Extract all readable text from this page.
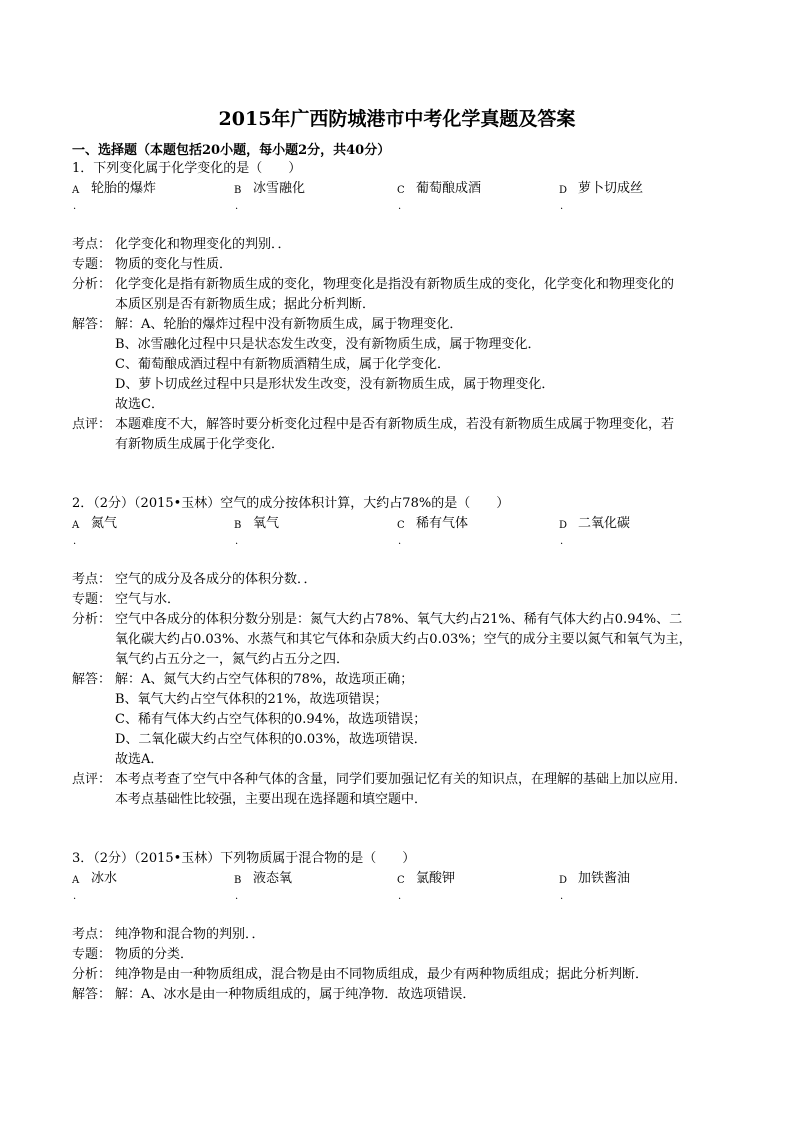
2015年广西防城港市中考化学真题及答案
一、选择题（本题包括20小题，每小题2分，共40分）
1．下列变化属于化学变化的是（　　）
A
.
轮胎的爆炸	B
.
冰雪融化	C
.
葡萄酿成酒	D
.
萝卜切成丝
考点： 化学变化和物理变化的判别．．
专题： 物质的变化与性质．
分析： 化学变化是指有新物质生成的变化，物理变化是指没有新物质生成的变化，化学变化和物理变化的
本质区别是否有新物质生成；据此分析判断．
解答： 解：A、轮胎的爆炸过程中没有新物质生成，属于物理变化．
B、冰雪融化过程中只是状态发生改变，没有新物质生成，属于物理变化．
C、葡萄酿成酒过程中有新物质酒精生成，属于化学变化．
D、萝卜切成丝过程中只是形状发生改变，没有新物质生成，属于物理变化．
故选C．
点评： 本题难度不大，解答时要分析变化过程中是否有新物质生成，若没有新物质生成属于物理变化，若
有新物质生成属于化学变化．
2．（2分）（2015•玉林）空气的成分按体积计算，大约占78%的是（　　）
A
.
氮气	B
.
氧气	C
.
稀有气体	D
.
二氧化碳
考点： 空气的成分及各成分的体积分数．．
专题： 空气与水．
分析： 空气中各成分的体积分数分别是：氮气大约占78%、氧气大约占21%、稀有气体大约占0.94%、二
氧化碳大约占0.03%、水蒸气和其它气体和杂质大约占0.03%；空气的成分主要以氮气和氧气为主，
氧气约占五分之一，氮气约占五分之四．
解答： 解：A、氮气大约占空气体积的78%，故选项正确；
B、氧气大约占空气体积的21%，故选项错误；
C、稀有气体大约占空气体积的0.94%，故选项错误；
D、二氧化碳大约占空气体积的0.03%，故选项错误．
故选A．
点评： 本考点考查了空气中各种气体的含量，同学们要加强记忆有关的知识点，在理解的基础上加以应用．
本考点基础性比较强，主要出现在选择题和填空题中．
3．（2分）（2015•玉林）下列物质属于混合物的是（　　）
A
.
冰水	B
.
液态氧	C
.
氯酸钾	D
.
加铁酱油
考点： 纯净物和混合物的判别．．
专题： 物质的分类．
分析： 纯净物是由一种物质组成，混合物是由不同物质组成，最少有两种物质组成；据此分析判断．
解答： 解：A、冰水是由一种物质组成的，属于纯净物．故选项错误．
